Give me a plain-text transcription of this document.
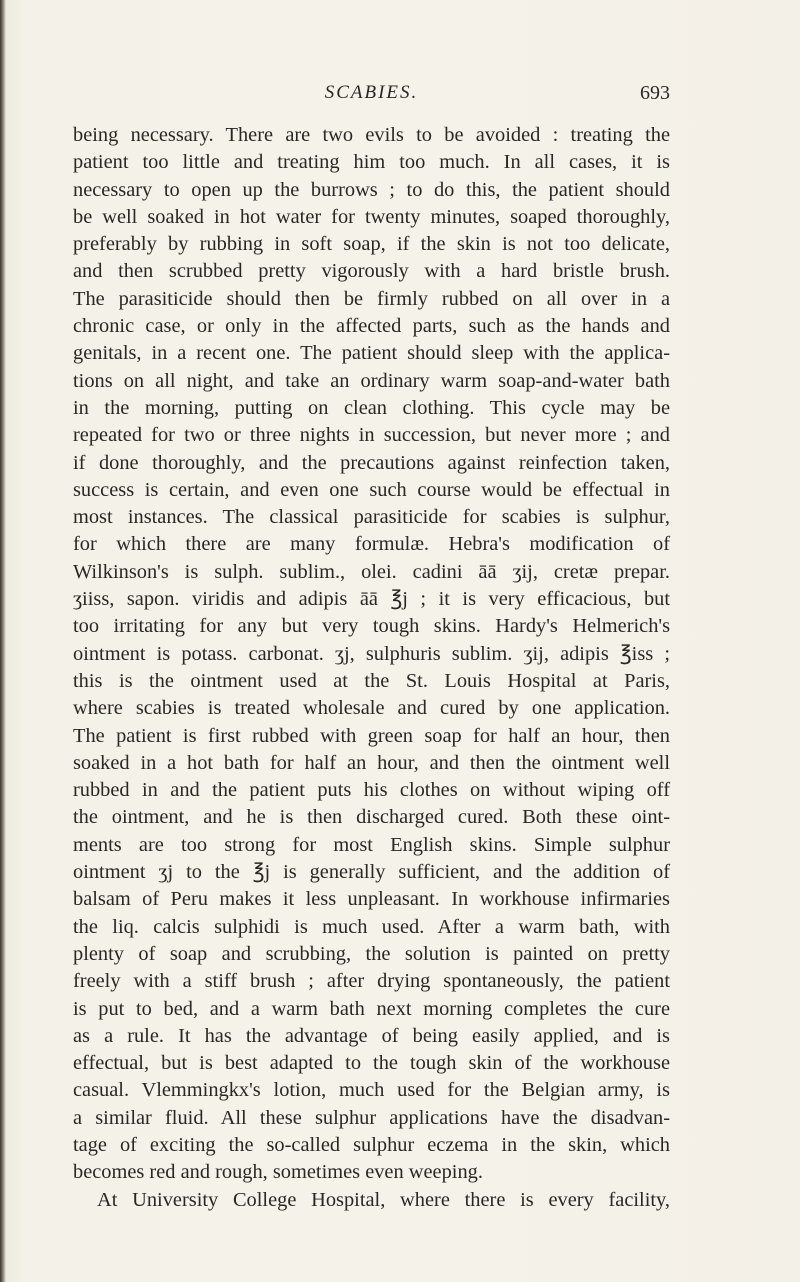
SCABIES.	693
being necessary. There are two evils to be avoided : treating the
patient too little and treating him too much. In all cases, it is
necessary to open up the burrows ; to do this, the patient should
be well soaked in hot water for twenty minutes, soaped thoroughly,
preferably by rubbing in soft soap, if the skin is not too delicate,
and then scrubbed pretty vigorously with a hard bristle brush.
The parasiticide should then be firmly rubbed on all over in a
chronic case, or only in the affected parts, such as the hands and
genitals, in a recent one. The patient should sleep with the applica-
tions on all night, and take an ordinary warm soap-and-water bath
in the morning, putting on clean clothing. This cycle may be
repeated for two or three nights in succession, but never more ; and
if done thoroughly, and the precautions against reinfection taken,
success is certain, and even one such course would be effectual in
most instances. The classical parasiticide for scabies is sulphur,
for which there are many formulæ. Hebra's modification of
Wilkinson's is sulph. sublim., olei. cadini āā ʒij, cretæ prepar.
ʒiiss, sapon. viridis and adipis āā ℥j ; it is very efficacious, but
too irritating for any but very tough skins. Hardy's Helmerich's
ointment is potass. carbonat. ʒj, sulphuris sublim. ʒij, adipis ℥iss ;
this is the ointment used at the St. Louis Hospital at Paris,
where scabies is treated wholesale and cured by one application.
The patient is first rubbed with green soap for half an hour, then
soaked in a hot bath for half an hour, and then the ointment well
rubbed in and the patient puts his clothes on without wiping off
the ointment, and he is then discharged cured. Both these oint-
ments are too strong for most English skins. Simple sulphur
ointment ʒj to the ℥j is generally sufficient, and the addition of
balsam of Peru makes it less unpleasant. In workhouse infirmaries
the liq. calcis sulphidi is much used. After a warm bath, with
plenty of soap and scrubbing, the solution is painted on pretty
freely with a stiff brush ; after drying spontaneously, the patient
is put to bed, and a warm bath next morning completes the cure
as a rule. It has the advantage of being easily applied, and is
effectual, but is best adapted to the tough skin of the workhouse
casual. Vlemmingkx's lotion, much used for the Belgian army, is
a similar fluid. All these sulphur applications have the disadvan-
tage of exciting the so-called sulphur eczema in the skin, which
becomes red and rough, sometimes even weeping.
At University College Hospital, where there is every facility,
